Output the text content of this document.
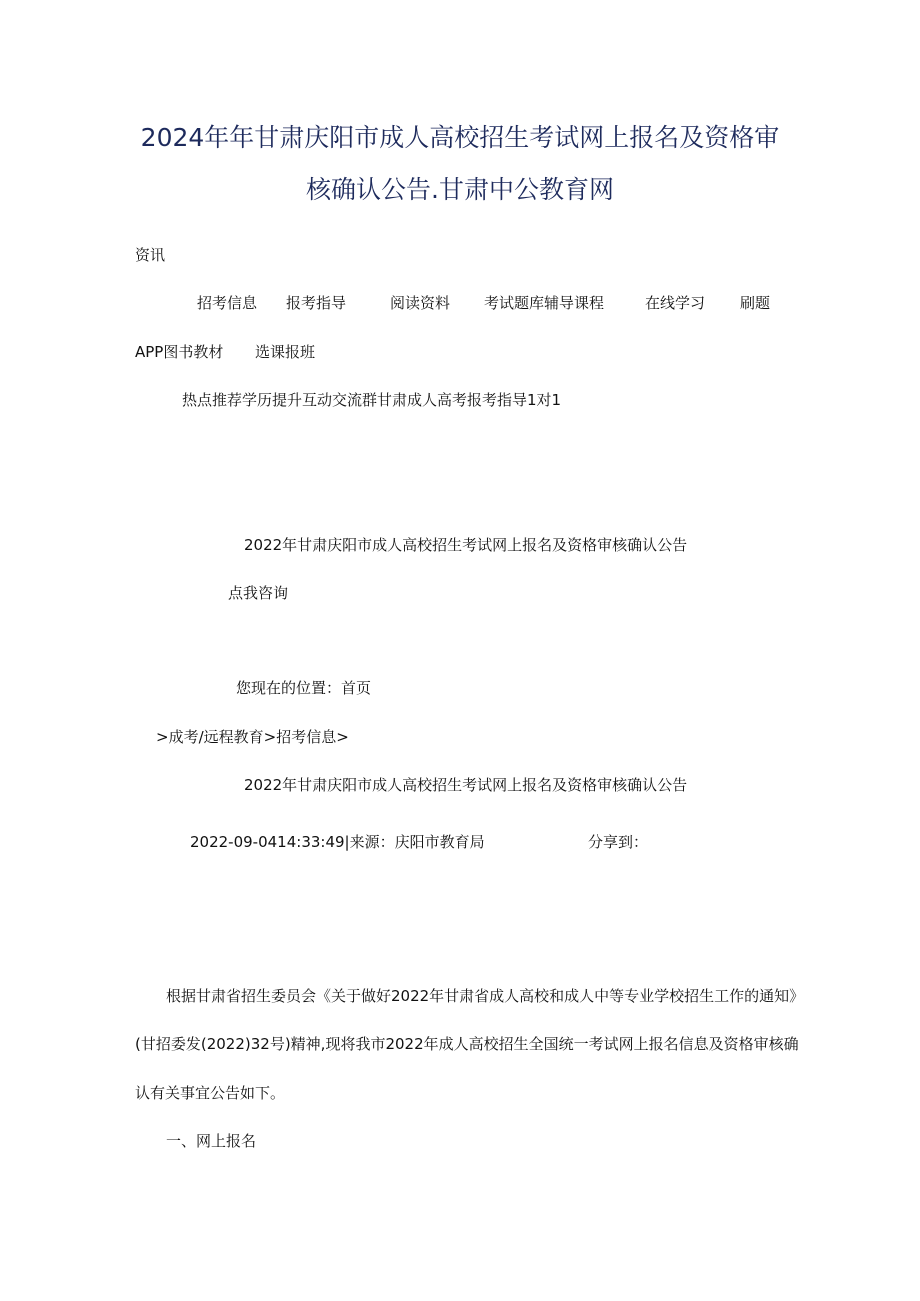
2024年年甘肃庆阳市成人高校招生考试网上报名及资格审
核确认公告.甘肃中公教育网
资讯
招考信息 报考指导	阅读资料 考试题库辅导课程	在线学习 刷题
APP图书教材 选课报班
热点推荐学历提升互动交流群甘肃成人高考报考指导1对1
2022年甘肃庆阳市成人高校招生考试网上报名及资格审核确认公告
点我咨询
您现在的位置：首页
>成考/远程教育>招考信息>
2022年甘肃庆阳市成人高校招生考试网上报名及资格审核确认公告
2022-09-0414:33:49|来源：庆阳市教育局	分享到：
根据甘肃省招生委员会《关于做好2022年甘肃省成人高校和成人中等专业学校招生工作的通知》
(甘招委发(2022)32号)精神,现将我市2022年成人高校招生全国统一考试网上报名信息及资格审核确
认有关事宜公告如下。
一、网上报名
